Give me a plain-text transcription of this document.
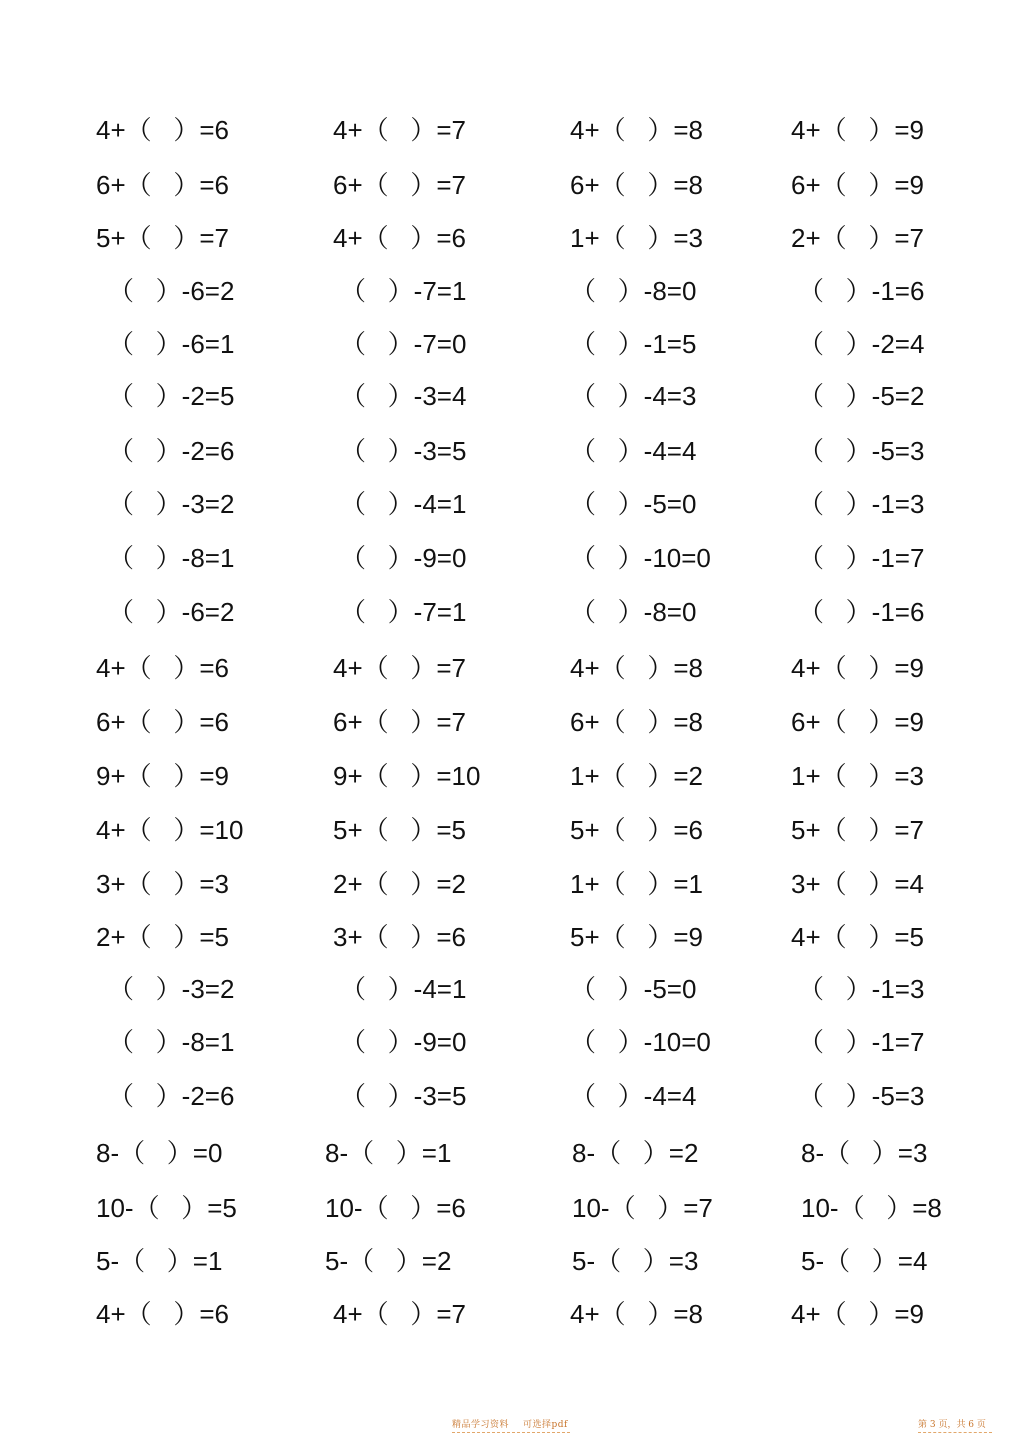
4+（   ）=6	4+（   ）=7	4+（   ）=8	4+（   ）=9
6+（   ）=6	6+（   ）=7	6+（   ）=8	6+（   ）=9
5+（   ）=7	4+（   ）=6	1+（   ）=3	2+（   ）=7
（   ）-6=2	（   ）-7=1	（   ）-8=0	（   ）-1=6
（   ）-6=1	（   ）-7=0	（   ）-1=5	（   ）-2=4
（   ）-2=5	（   ）-3=4	（   ）-4=3	（   ）-5=2
（   ）-2=6	（   ）-3=5	（   ）-4=4	（   ）-5=3
（   ）-3=2	（   ）-4=1	（   ）-5=0	（   ）-1=3
（   ）-8=1	（   ）-9=0	（   ）-10=0	（   ）-1=7
（   ）-6=2	（   ）-7=1	（   ）-8=0	（   ）-1=6
4+（   ）=6	4+（   ）=7	4+（   ）=8	4+（   ）=9
6+（   ）=6	6+（   ）=7	6+（   ）=8	6+（   ）=9
9+（   ）=9	9+（   ）=10	1+（   ）=2	1+（   ）=3
4+（   ）=10	5+（   ）=5	5+（   ）=6	5+（   ）=7
3+（   ）=3	2+（   ）=2	1+（   ）=1	3+（   ）=4
2+（   ）=5	3+（   ）=6	5+（   ）=9	4+（   ）=5
（   ）-3=2	（   ）-4=1	（   ）-5=0	（   ）-1=3
（   ）-8=1	（   ）-9=0	（   ）-10=0	（   ）-1=7
（   ）-2=6	（   ）-3=5	（   ）-4=4	（   ）-5=3
8-（   ）=0	8-（   ）=1	8-（   ）=2	8-（   ）=3
10-（   ）=5	10-（   ）=6	10-（   ）=7	10-（   ）=8
5-（   ）=1	5-（   ）=2	5-（   ）=3	5-（   ）=4
4+（   ）=6	4+（   ）=7	4+（   ）=8	4+（   ）=9
精品学习资料 可选择pdf	第 3 页，共 6 页
